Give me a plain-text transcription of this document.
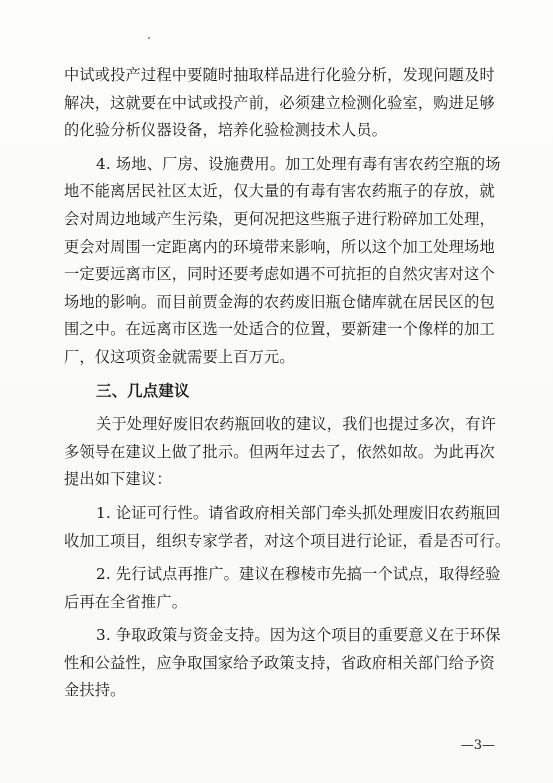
中试或投产过程中要随时抽取样品进行化验分析，发现问题及时
解决，这就要在中试或投产前，必须建立检测化验室，购进足够
的化验分析仪器设备，培养化验检测技术人员。
4. 场地、厂房、设施费用。加工处理有毒有害农药空瓶的场
地不能离居民社区太近，仅大量的有毒有害农药瓶子的存放，就
会对周边地域产生污染，更何况把这些瓶子进行粉碎加工处理，
更会对周围一定距离内的环境带来影响，所以这个加工处理场地
一定要远离市区，同时还要考虑如遇不可抗拒的自然灾害对这个
场地的影响。而目前贾金海的农药废旧瓶仓储库就在居民区的包
围之中。在远离市区选一处适合的位置，要新建一个像样的加工
厂，仅这项资金就需要上百万元。
三、几点建议
关于处理好废旧农药瓶回收的建议，我们也提过多次，有许
多领导在建议上做了批示。但两年过去了，依然如故。为此再次
提出如下建议：
1. 论证可行性。请省政府相关部门牵头抓处理废旧农药瓶回
收加工项目，组织专家学者，对这个项目进行论证，看是否可行。
2. 先行试点再推广。建议在穆棱市先搞一个试点，取得经验
后再在全省推广。
3. 争取政策与资金支持。因为这个项目的重要意义在于环保
性和公益性，应争取国家给予政策支持，省政府相关部门给予资
金扶持。
—3—
